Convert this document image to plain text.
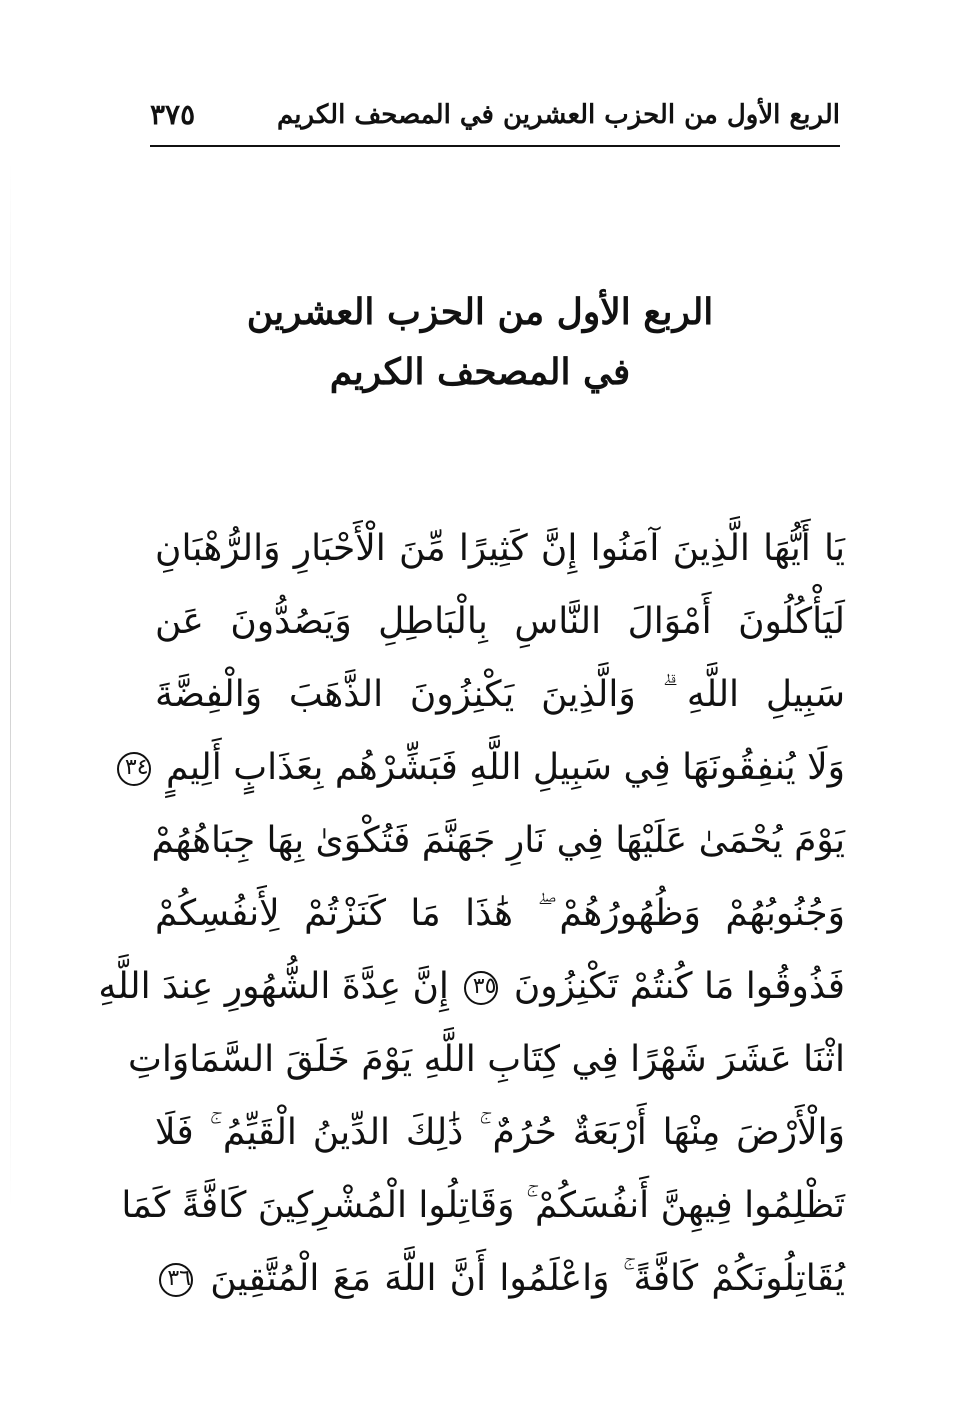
الربع الأول من الحزب العشرين في المصحف الكريم
٣٧٥
الربع الأول من الحزب العشرين
في المصحف الكريم
يَا أَيُّهَا الَّذِينَ آمَنُوا إِنَّ كَثِيرًا مِّنَ الْأَحْبَارِ وَالرُّهْبَانِ
لَيَأْكُلُونَ أَمْوَالَ النَّاسِ بِالْبَاطِلِ وَيَصُدُّونَ عَن
سَبِيلِ اللَّهِ ۗ وَالَّذِينَ يَكْنِزُونَ الذَّهَبَ وَالْفِضَّةَ
وَلَا يُنفِقُونَهَا فِي سَبِيلِ اللَّهِ فَبَشِّرْهُم بِعَذَابٍ أَلِيمٍ ٣٤
يَوْمَ يُحْمَىٰ عَلَيْهَا فِي نَارِ جَهَنَّمَ فَتُكْوَىٰ بِهَا جِبَاهُهُمْ
وَجُنُوبُهُمْ وَظُهُورُهُمْ ۖ هَٰذَا مَا كَنَزْتُمْ لِأَنفُسِكُمْ
فَذُوقُوا مَا كُنتُمْ تَكْنِزُونَ ٣٥ إِنَّ عِدَّةَ الشُّهُورِ عِندَ اللَّهِ
اثْنَا عَشَرَ شَهْرًا فِي كِتَابِ اللَّهِ يَوْمَ خَلَقَ السَّمَاوَاتِ
وَالْأَرْضَ مِنْهَا أَرْبَعَةٌ حُرُمٌ ۚ ذَٰلِكَ الدِّينُ الْقَيِّمُ ۚ فَلَا
تَظْلِمُوا فِيهِنَّ أَنفُسَكُمْ ۚ وَقَاتِلُوا الْمُشْرِكِينَ كَافَّةً كَمَا
يُقَاتِلُونَكُمْ كَافَّةً ۚ وَاعْلَمُوا أَنَّ اللَّهَ مَعَ الْمُتَّقِينَ ٣٦
